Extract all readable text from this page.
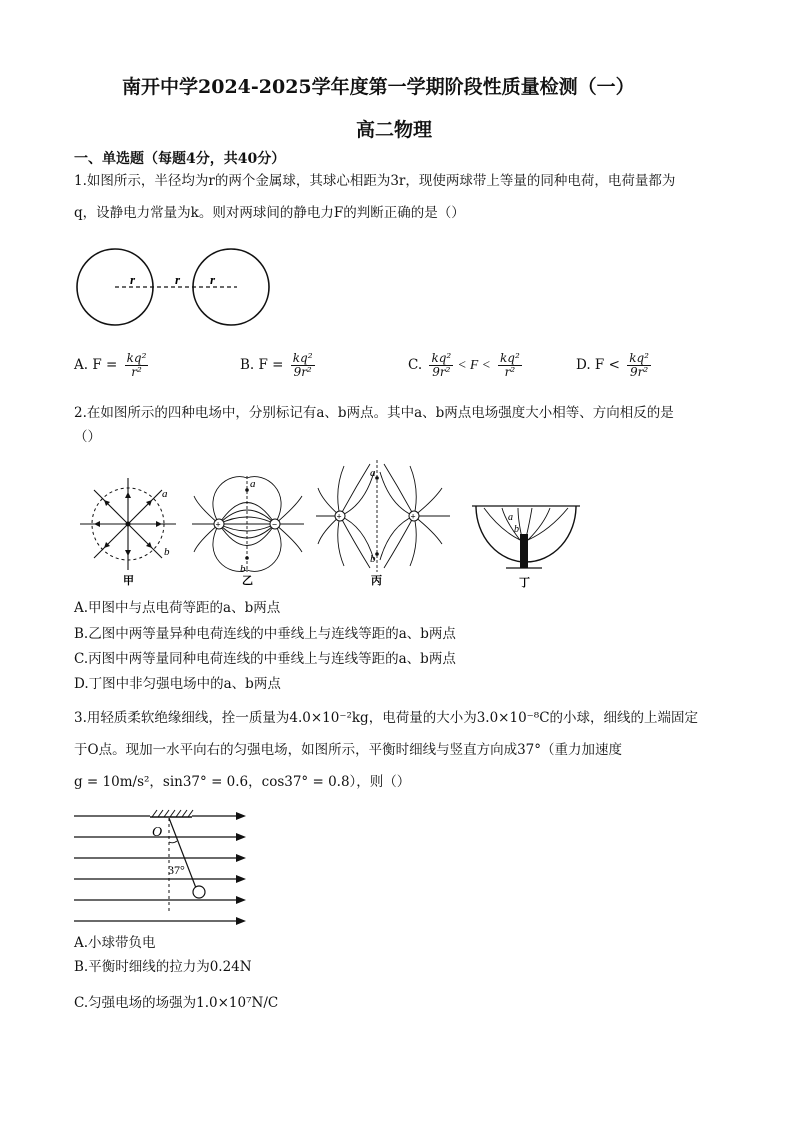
南开中学2024-2025学年度第一学期阶段性质量检测（一）
高二物理
一、单选题（每题4分，共40分）
1.如图所示，半径均为r的两个金属球，其球心相距为3r，现使两球带上等量的同种电荷，电荷量都为
q，设静电力常量为k。则对两球间的静电力F的判断正确的是（）
r	r r
A. $F = \frac{\text{kq²}}{\text{r²}}$	B. $F = \frac{\text{kq²}}{\text{9r²}}$	C. $\frac{\text{kq²}}{\text{9r²}} < F < \frac{\text{kq²}}{\text{r²}}$	D. $F < \frac{\text{kq²}}{\text{9r²}}$
2.在如图所示的四种电场中，分别标记有a、b两点。其中a、b两点电场强度大小相等、方向相反的是
（）
a
b
甲
+	−
a
b
乙
+	+
a
b
丙
a
b
丁
A.甲图中与点电荷等距的a、b两点
B.乙图中两等量异种电荷连线的中垂线上与连线等距的a、b两点
C.丙图中两等量同种电荷连线的中垂线上与连线等距的a、b两点
D.丁图中非匀强电场中的a、b两点
3.用轻质柔软绝缘细线，拴一质量为4.0×10⁻²kg，电荷量的大小为3.0×10⁻⁸C的小球，细线的上端固定
于O点。现加一水平向右的匀强电场，如图所示，平衡时细线与竖直方向成37°（重力加速度
g = 10m/s²，sin37° = 0.6，cos37° = 0.8），则（）
O
37°
A.小球带负电
B.平衡时细线的拉力为0.24N
C.匀强电场的场强为1.0×10⁷N/C
